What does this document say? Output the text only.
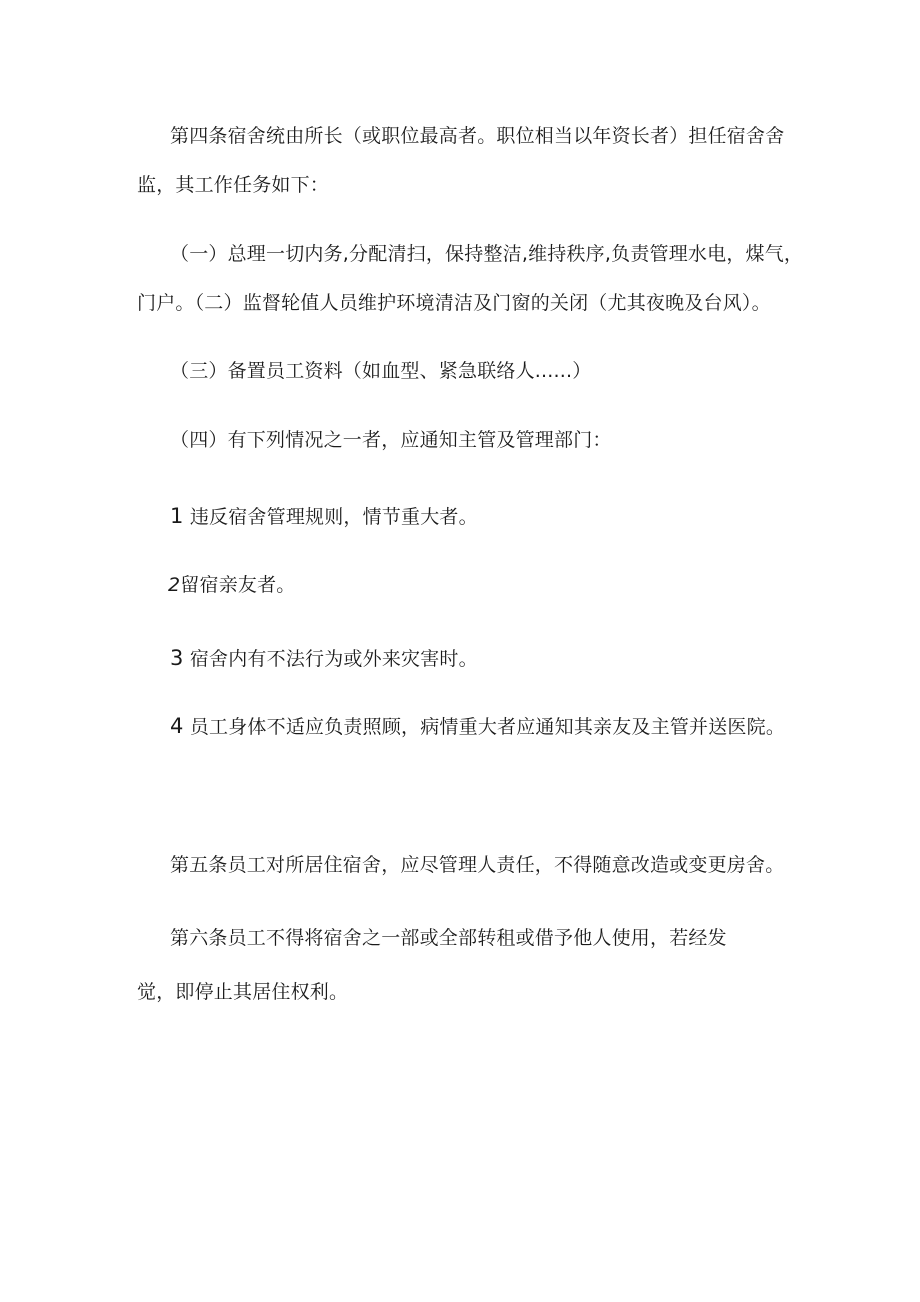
第四条宿舍统由所长（或职位最高者。职位相当以年资长者）担任宿舍舍
监，其工作任务如下：
（一）总理一切内务,分配清扫，保持整洁,维持秩序,负责管理水电，煤气，
门户。（二）监督轮值人员维护环境清洁及门窗的关闭（尤其夜晚及台风）。
（三）备置员工资料（如血型、紧急联络人......）
（四）有下列情况之一者，应通知主管及管理部门：
1 违反宿舍管理规则，情节重大者。
2留宿亲友者。
3 宿舍内有不法行为或外来灾害时。
4 员工身体不适应负责照顾，病情重大者应通知其亲友及主管并送医院。
第五条员工对所居住宿舍，应尽管理人责任，不得随意改造或变更房舍。
第六条员工不得将宿舍之一部或全部转租或借予他人使用，若经发
觉，即停止其居住权利。
